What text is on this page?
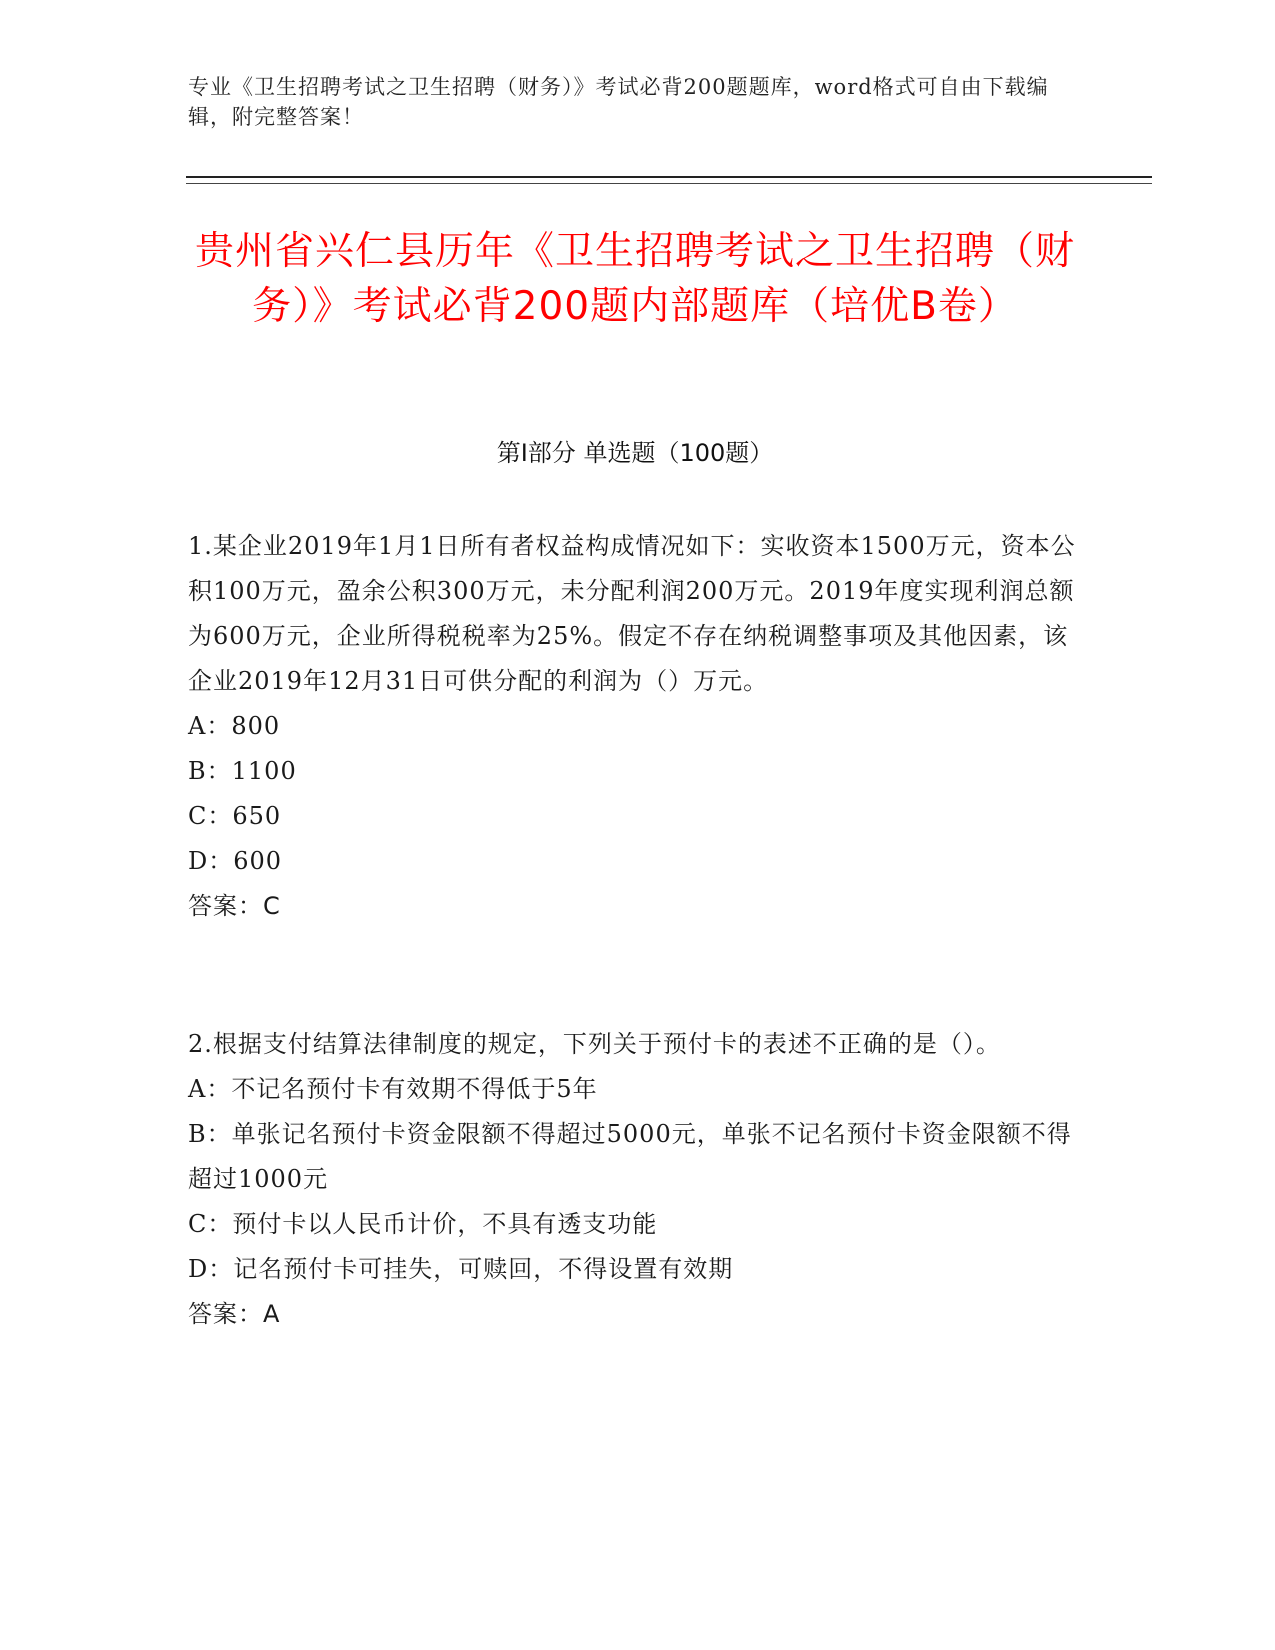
专业《卫生招聘考试之卫生招聘（财务）》考试必背200题题库，word格式可自由下载编辑，附完整答案！
贵州省兴仁县历年《卫生招聘考试之卫生招聘（财务）》考试必背200题内部题库（培优B卷）
第Ⅰ部分 单选题（100题）

1.某企业2019年1月1日所有者权益构成情况如下：实收资本1500万元，资本公积100万元，盈余公积300万元，未分配利润200万元。2019年度实现利润总额为600万元，企业所得税税率为25%。假定不存在纳税调整事项及其他因素，该企业2019年12月31日可供分配的利润为（）万元。

A：800

B：1100

C：650

D：600

答案：C

2.根据支付结算法律制度的规定，下列关于预付卡的表述不正确的是（）。

A：不记名预付卡有效期不得低于5年

B：单张记名预付卡资金限额不得超过5000元，单张不记名预付卡资金限额不得超过1000元

C：预付卡以人民币计价，不具有透支功能

D：记名预付卡可挂失，可赎回，不得设置有效期

答案：A
